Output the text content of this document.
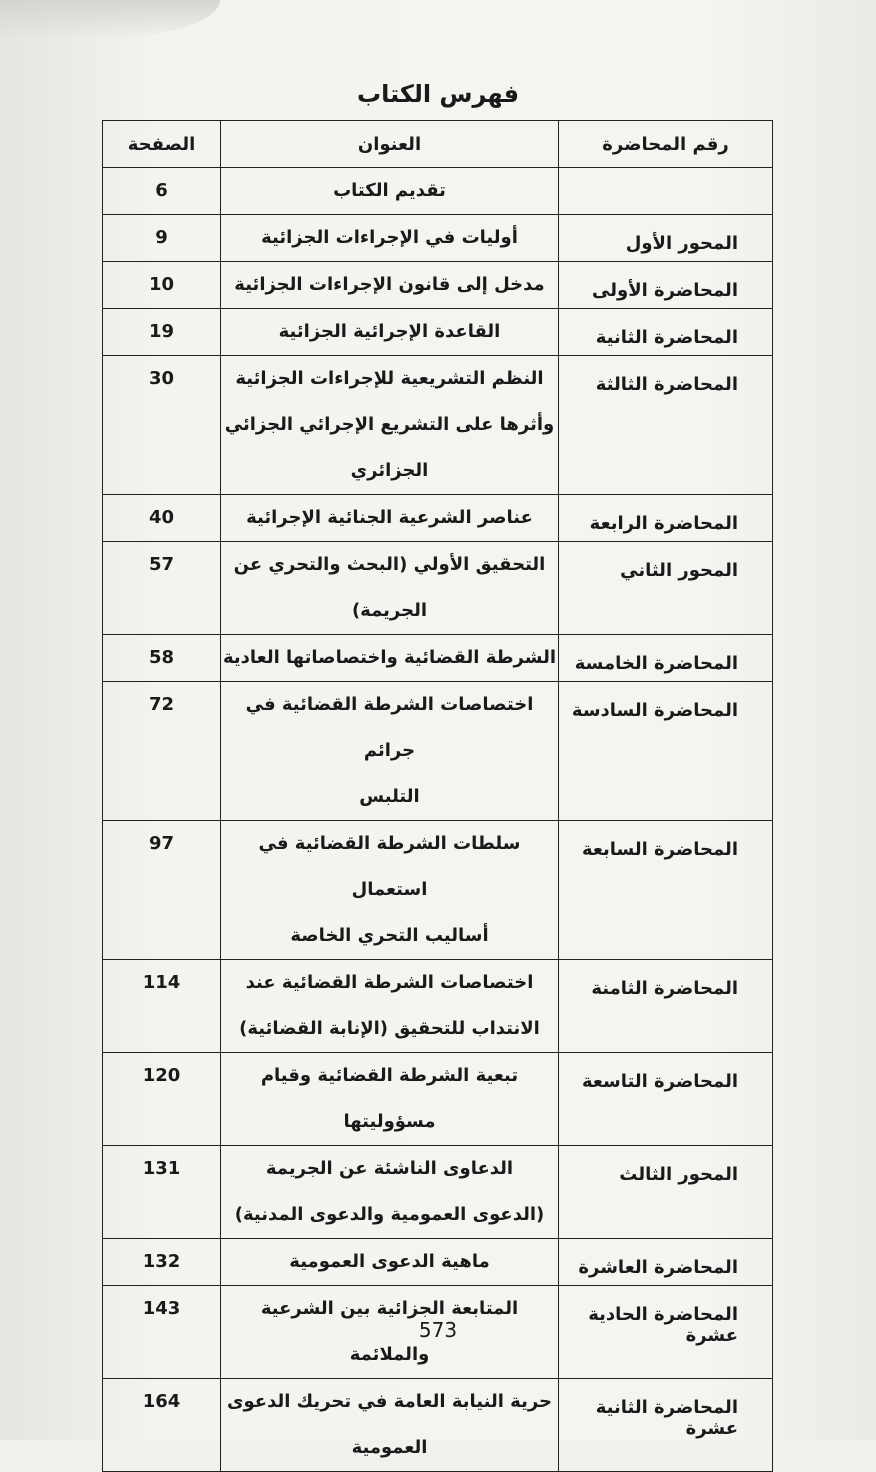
فهرس الكتاب
رقم المحاضرة	العنوان	الصفحة

	تقديم الكتاب	6
المحور الأول	أوليات في الإجراءات الجزائية	9
المحاضرة الأولى	مدخل إلى قانون الإجراءات الجزائية	10
المحاضرة الثانية	القاعدة الإجرائية الجزائية	19
المحاضرة الثالثة	النظم التشريعية للإجراءات الجزائية
وأثرها على التشريع الإجرائي الجزائي
الجزائري	30
المحاضرة الرابعة	عناصر الشرعية الجنائية الإجرائية	40
المحور الثاني	التحقيق الأولي (البحث والتحري عن
الجريمة)	57
المحاضرة الخامسة	الشرطة القضائية واختصاصاتها العادية	58
المحاضرة السادسة	اختصاصات الشرطة القضائية في جرائم
التلبس	72
المحاضرة السابعة	سلطات الشرطة القضائية في استعمال
أساليب التحري الخاصة	97
المحاضرة الثامنة	اختصاصات الشرطة القضائية عند
الانتداب للتحقيق (الإنابة القضائية)	114
المحاضرة التاسعة	تبعية الشرطة القضائية وقيام مسؤوليتها	120
المحور الثالث	الدعاوى الناشئة عن الجريمة
(الدعوى العمومية والدعوى المدنية)	131
المحاضرة العاشرة	ماهية الدعوى العمومية	132
المحاضرة الحادية عشرة	المتابعة الجزائية بين الشرعية والملائمة	143
المحاضرة الثانية عشرة	حرية النيابة العامة في تحريك الدعوى
العمومية	164
573
